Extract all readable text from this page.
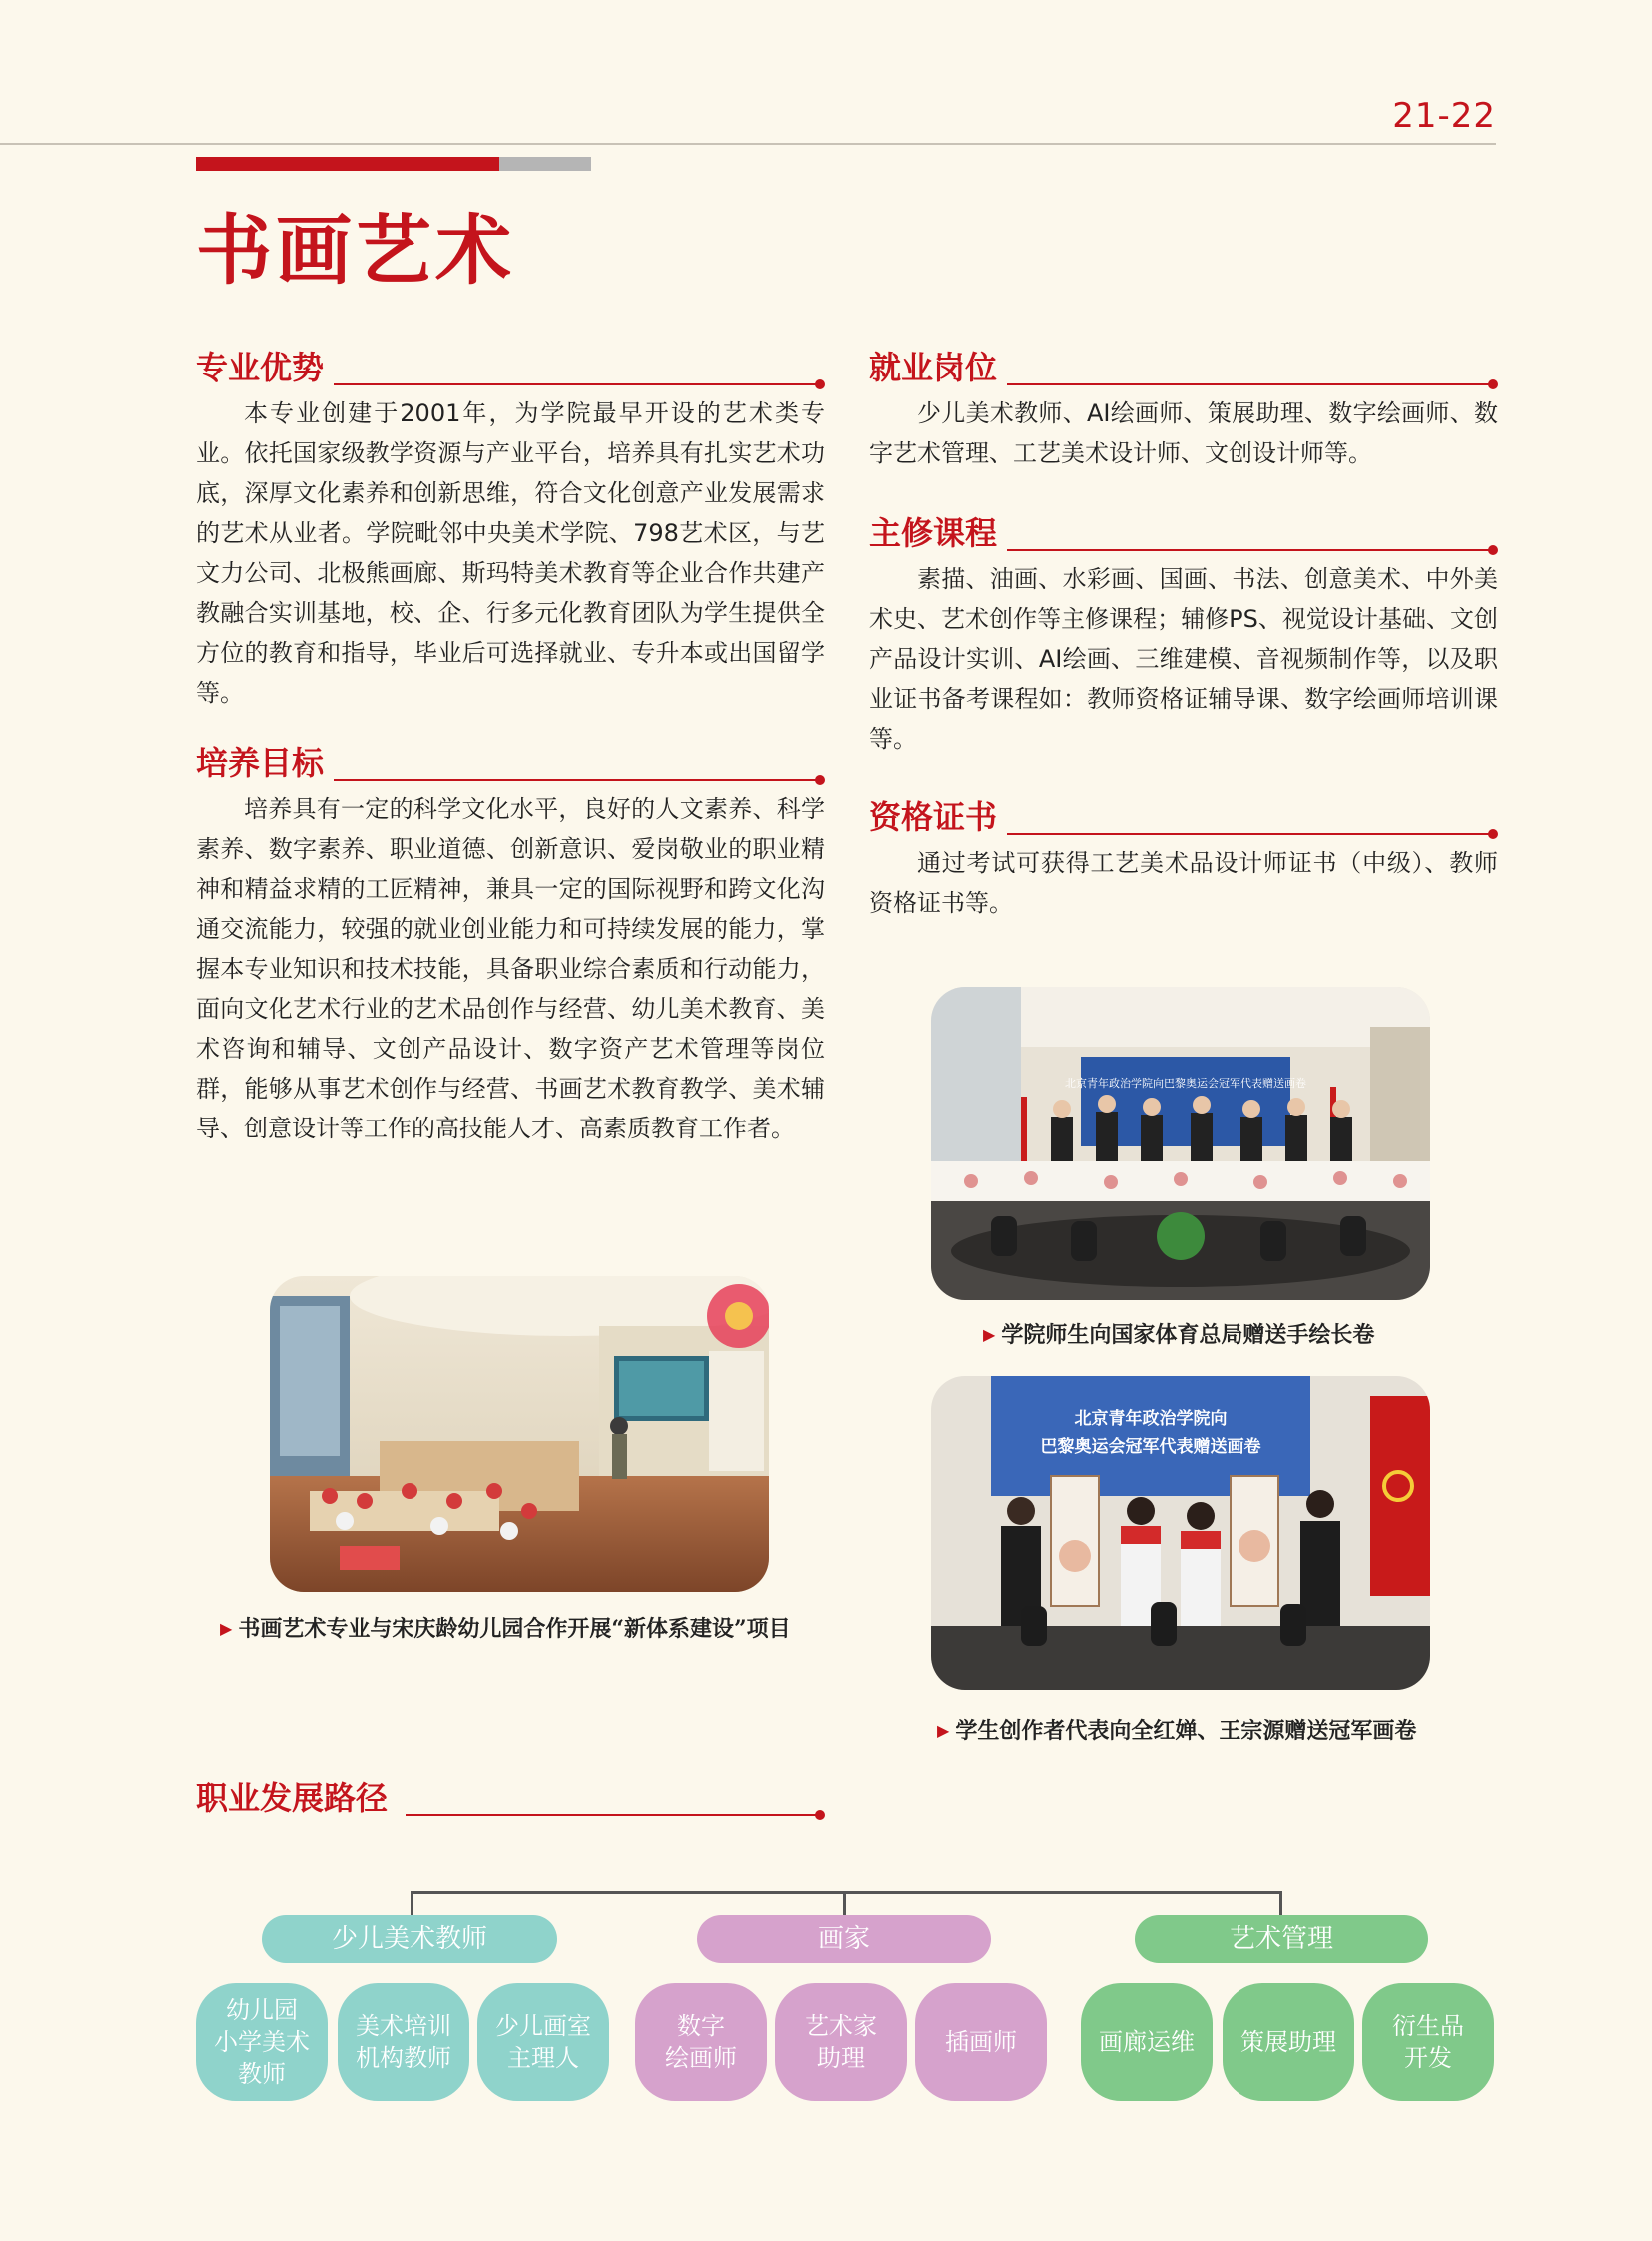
21-22
书画艺术
专业优势
本专业创建于2001年，为学院最早开设的艺术类专业。依托国家级教学资源与产业平台，培养具有扎实艺术功底，深厚文化素养和创新思维，符合文化创意产业发展需求的艺术从业者。学院毗邻中央美术学院、798艺术区，与艺文力公司、北极熊画廊、斯玛特美术教育等企业合作共建产教融合实训基地，校、企、行多元化教育团队为学生提供全方位的教育和指导，毕业后可选择就业、专升本或出国留学等。
培养目标
培养具有一定的科学文化水平，良好的人文素养、科学素养、数字素养、职业道德、创新意识、爱岗敬业的职业精神和精益求精的工匠精神，兼具一定的国际视野和跨文化沟通交流能力，较强的就业创业能力和可持续发展的能力，掌握本专业知识和技术技能，具备职业综合素质和行动能力，面向文化艺术行业的艺术品创作与经营、幼儿美术教育、美术咨询和辅导、文创产品设计、数字资产艺术管理等岗位群，能够从事艺术创作与经营、书画艺术教育教学、美术辅导、创意设计等工作的高技能人才、高素质教育工作者。
就业岗位
少儿美术教师、AI绘画师、策展助理、数字绘画师、数字艺术管理、工艺美术设计师、文创设计师等。
主修课程
素描、油画、水彩画、国画、书法、创意美术、中外美术史、艺术创作等主修课程；辅修PS、视觉设计基础、文创产品设计实训、AI绘画、三维建模、音视频制作等，以及职业证书备考课程如：教师资格证辅导课、数字绘画师培训课等。
资格证书
通过考试可获得工艺美术品设计师证书（中级）、教师资格证书等。
▶ 书画艺术专业与宋庆龄幼儿园合作开展“新体系建设”项目
北京青年政治学院向巴黎奥运会冠军代表赠送画卷
▶ 学院师生向国家体育总局赠送手绘长卷
北京青年政治学院向
巴黎奥运会冠军代表赠送画卷
▶ 学生创作者代表向全红婵、王宗源赠送冠军画卷
职业发展路径
少儿美术教师	画家	艺术管理
幼儿园
小学美术
教师
美术培训
机构教师
少儿画室
主理人
数字
绘画师
艺术家
助理
插画师	画廊运维	策展助理
衍生品
开发
